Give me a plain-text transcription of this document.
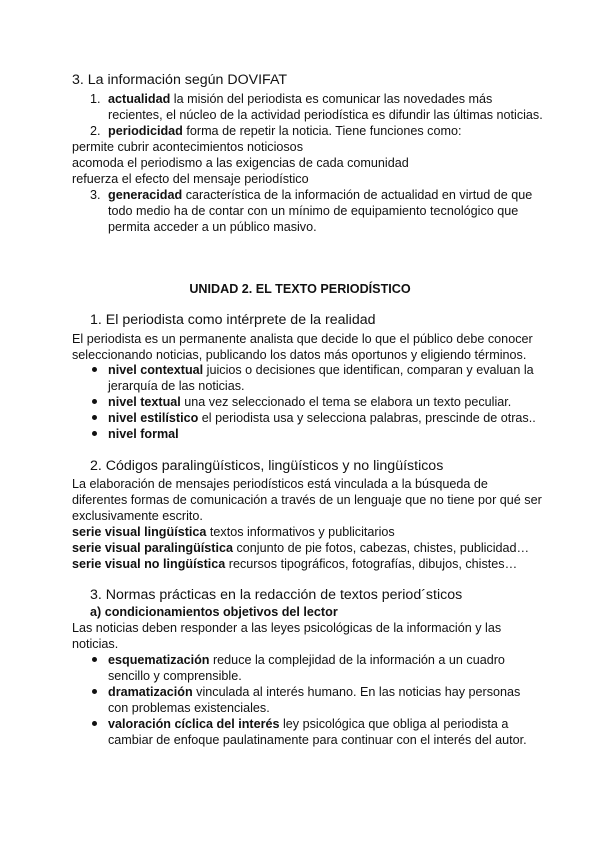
3. La información según DOVIFAT
1. actualidad la misión del periodista es comunicar las novedades más
recientes, el núcleo de la actividad periodística es difundir las últimas noticias.
2. periodicidad forma de repetir la noticia. Tiene funciones como:
permite cubrir acontecimientos noticiosos
acomoda el periodismo a las exigencias de cada comunidad
refuerza el efecto del mensaje periodístico
3. generacidad característica de la información de actualidad en virtud de que
todo medio ha de contar con un mínimo de equipamiento tecnológico que
permita acceder a un público masivo.
UNIDAD 2. EL TEXTO PERIODÍSTICO
1. El periodista como intérprete de la realidad
El periodista es un permanente analista que decide lo que el público debe conocer
seleccionando noticias, publicando los datos más oportunos y eligiendo términos.
nivel contextual juicios o decisiones que identifican, comparan y evaluan la
jerarquía de las noticias.
nivel textual una vez seleccionado el tema se elabora un texto peculiar.
nivel estilístico el periodista usa y selecciona palabras, prescinde de otras..
nivel formal
2. Códigos paralingüísticos, lingüísticos y no lingüísticos
La elaboración de mensajes periodísticos está vinculada a la búsqueda de
diferentes formas de comunicación a través de un lenguaje que no tiene por qué ser
exclusivamente escrito.
serie visual lingüística textos informativos y publicitarios
serie visual paralingüística conjunto de pie fotos, cabezas, chistes, publicidad…
serie visual no lingüística recursos tipográficos, fotografías, dibujos, chistes…
3. Normas prácticas en la redacción de textos period´sticos
a) condicionamientos objetivos del lector
Las noticias deben responder a las leyes psicológicas de la información y las
noticias.
esquematización reduce la complejidad de la información a un cuadro
sencillo y comprensible.
dramatización vinculada al interés humano. En las noticias hay personas
con problemas existenciales.
valoración cíclica del interés ley psicológica que obliga al periodista a
cambiar de enfoque paulatinamente para continuar con el interés del autor.
